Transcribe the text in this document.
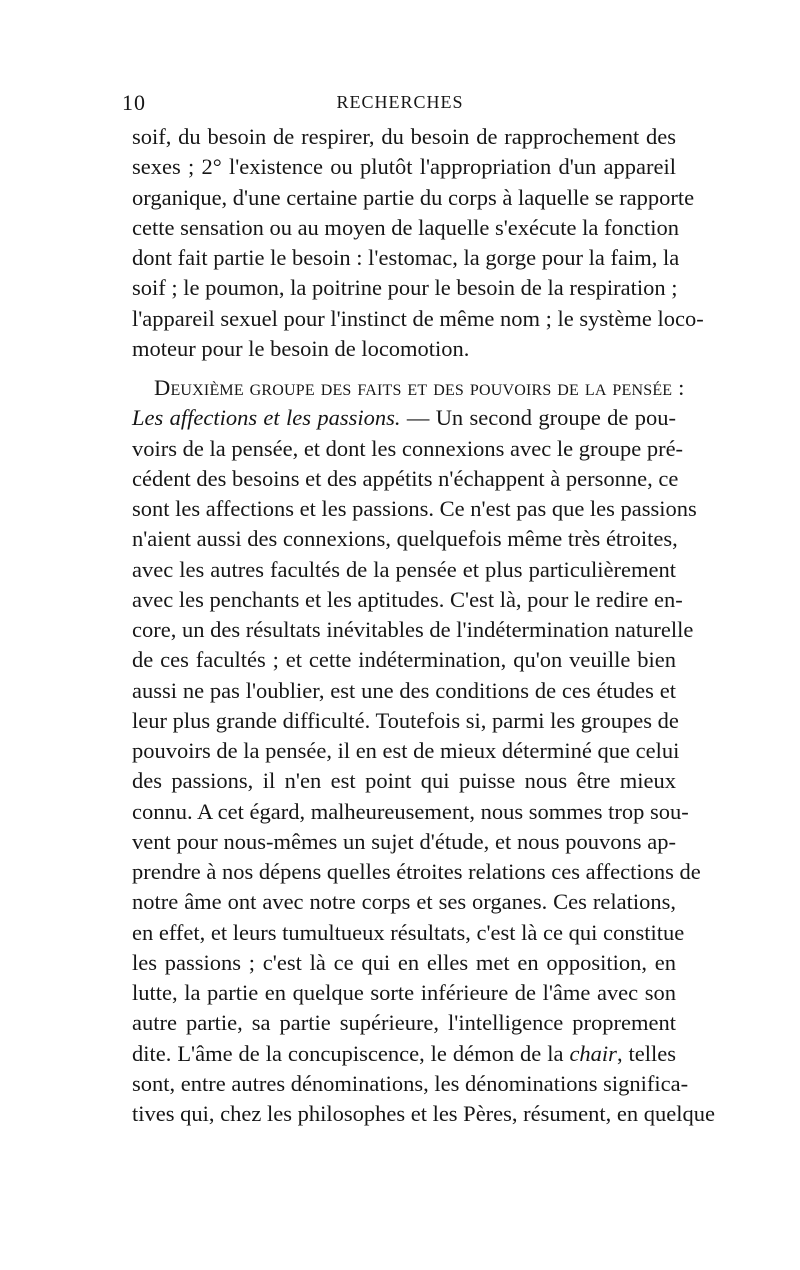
10	RECHERCHES
soif, du besoin de respirer, du besoin de rapprochement des
sexes ; 2° l'existence ou plutôt l'appropriation d'un appareil
organique, d'une certaine partie du corps à laquelle se rapporte
cette sensation ou au moyen de laquelle s'exécute la fonction
dont fait partie le besoin : l'estomac, la gorge pour la faim, la
soif ; le poumon, la poitrine pour le besoin de la respiration ;
l'appareil sexuel pour l'instinct de même nom ; le système loco-
moteur pour le besoin de locomotion.
Deuxième groupe des faits et des pouvoirs de la pensée :
Les affections et les passions. — Un second groupe de pou-
voirs de la pensée, et dont les connexions avec le groupe pré-
cédent des besoins et des appétits n'échappent à personne, ce
sont les affections et les passions. Ce n'est pas que les passions
n'aient aussi des connexions, quelquefois même très étroites,
avec les autres facultés de la pensée et plus particulièrement
avec les penchants et les aptitudes. C'est là, pour le redire en-
core, un des résultats inévitables de l'indétermination naturelle
de ces facultés ; et cette indétermination, qu'on veuille bien
aussi ne pas l'oublier, est une des conditions de ces études et
leur plus grande difficulté. Toutefois si, parmi les groupes de
pouvoirs de la pensée, il en est de mieux déterminé que celui
des passions, il n'en est point qui puisse nous être mieux
connu. A cet égard, malheureusement, nous sommes trop sou-
vent pour nous-mêmes un sujet d'étude, et nous pouvons ap-
prendre à nos dépens quelles étroites relations ces affections de
notre âme ont avec notre corps et ses organes. Ces relations,
en effet, et leurs tumultueux résultats, c'est là ce qui constitue
les passions ; c'est là ce qui en elles met en opposition, en
lutte, la partie en quelque sorte inférieure de l'âme avec son
autre partie, sa partie supérieure, l'intelligence proprement
dite. L'âme de la concupiscence, le démon de la chair, telles
sont, entre autres dénominations, les dénominations significa-
tives qui, chez les philosophes et les Pères, résument, en quelque
